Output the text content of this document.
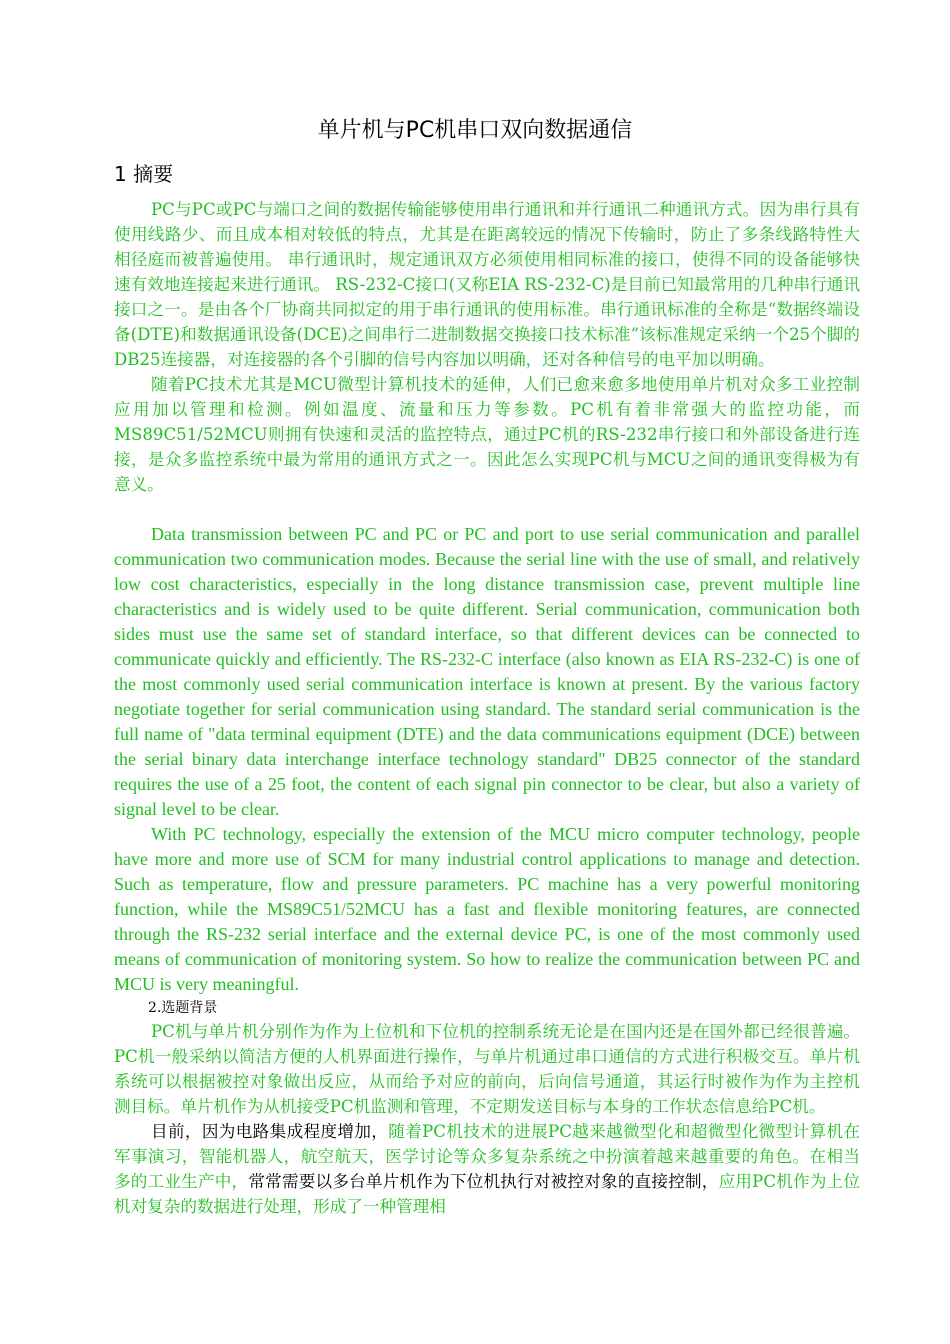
单片机与PC机串口双向数据通信
1 摘要

PC与PC或PC与端口之间的数据传输能够使用串行通讯和并行通讯二种通讯方式。因为串行具有使用线路少、而且成本相对较低的特点，尤其是在距离较远的情况下传输时，防止了多条线路特性大相径庭而被普遍使用。 串行通讯时，规定通讯双方必须使用相同标准的接口，使得不同的设备能够快速有效地连接起来进行通讯。 RS-232-C接口(又称EIA RS-232-C)是目前已知最常用的几种串行通讯接口之一。是由各个厂协商共同拟定的用于串行通讯的使用标准。串行通讯标准的全称是“数据终端设备(DTE)和数据通讯设备(DCE)之间串行二进制数据交换接口技术标准”该标准规定采纳一个25个脚的DB25连接器，对连接器的各个引脚的信号内容加以明确，还对各种信号的电平加以明确。

随着PC技术尤其是MCU微型计算机技术的延伸，人们已愈来愈多地使用单片机对众多工业控制应用加以管理和检测。例如温度、流量和压力等参数。PC机有着非常强大的监控功能，而MS89C51/52MCU则拥有快速和灵活的监控特点，通过PC机的RS-232串行接口和外部设备进行连接，是众多监控系统中最为常用的通讯方式之一。因此怎么实现PC机与MCU之间的通讯变得极为有意义。

Data transmission between PC and PC or PC and port to use serial communication and parallel communication two communication modes. Because the serial line with the use of small, and relatively low cost characteristics, especially in the long distance transmission case, prevent multiple line characteristics and is widely used to be quite different. Serial communication, communication both sides must use the same set of standard interface, so that different devices can be connected to communicate quickly and efficiently. The RS-232-C interface (also known as EIA RS-232-C) is one of the most commonly used serial communication interface is known at present. By the various factory negotiate together for serial communication using standard. The standard serial communication is the full name of "data terminal equipment (DTE) and the data communications equipment (DCE) between the serial binary data interchange interface technology standard" DB25 connector of the standard requires the use of a 25 foot, the content of each signal pin connector to be clear, but also a variety of signal level to be clear.

With PC technology, especially the extension of the MCU micro computer technology, people have more and more use of SCM for many industrial control applications to manage and detection. Such as temperature, flow and pressure parameters. PC machine has a very powerful monitoring function, while the MS89C51/52MCU has a fast and flexible monitoring features, are connected through the RS-232 serial interface and the external device PC, is one of the most commonly used means of communication of monitoring system. So how to realize the communication between PC and MCU is very meaningful.

2.选题背景

PC机与单片机分别作为作为上位机和下位机的控制系统无论是在国内还是在国外都已经很普遍。PC机一般采纳以简洁方便的人机界面进行操作，与单片机通过串口通信的方式进行积极交互。单片机系统可以根据被控对象做出反应，从而给予对应的前向，后向信号通道，其运行时被作为作为主控机测目标。单片机作为从机接受PC机监测和管理，不定期发送目标与本身的工作状态信息给PC机。

目前，因为电路集成程度增加，随着PC机技术的进展PC越来越微型化和超微型化微型计算机在军事演习，智能机器人，航空航天，医学讨论等众多复杂系统之中扮演着越来越重要的角色。在相当多的工业生产中，常常需要以多台单片机作为下位机执行对被控对象的直接控制，应用PC机作为上位机对复杂的数据进行处理，形成了一种管理相
